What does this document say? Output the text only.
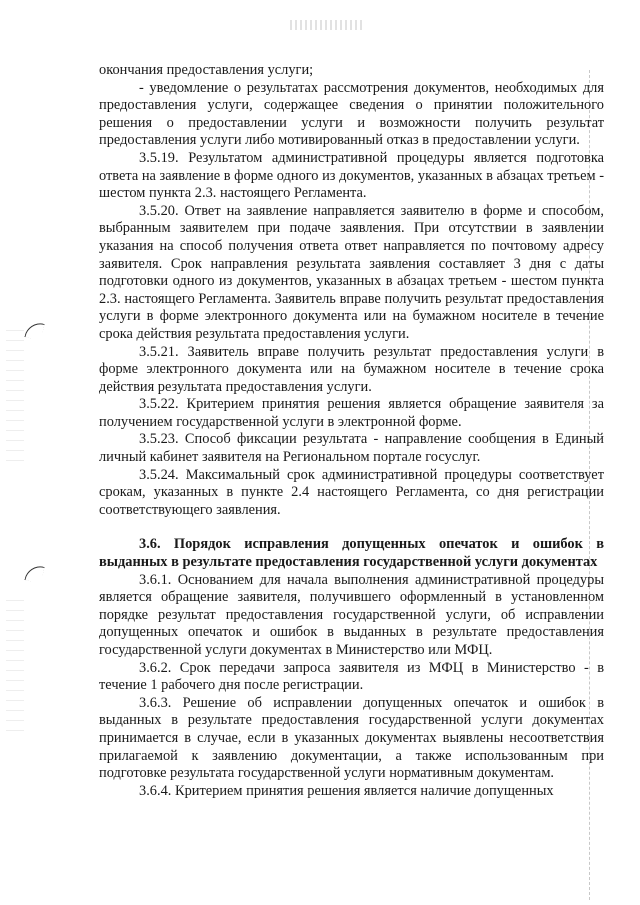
окончания предоставления услуги;

- уведомление о результатах рассмотрения документов, необходимых для предоставления услуги, содержащее сведения о принятии положительного решения о предоставлении услуги и возможности получить результат предоставления услуги либо мотивированный отказ в предоставлении услуги.

3.5.19. Результатом административной процедуры является подготовка ответа на заявление в форме одного из документов, указанных в абзацах третьем - шестом пункта 2.3. настоящего Регламента.

3.5.20. Ответ на заявление направляется заявителю в форме и способом, выбранным заявителем при подаче заявления. При отсутствии в заявлении указания на способ получения ответа ответ направляется по почтовому адресу заявителя. Срок направления результата заявления составляет 3 дня с даты подготовки одного из документов, указанных в абзацах третьем - шестом пункта 2.3. настоящего Регламента. Заявитель вправе получить результат предоставления услуги в форме электронного документа или на бумажном носителе в течение срока действия результата предоставления услуги.

3.5.21. Заявитель вправе получить результат предоставления услуги в форме электронного документа или на бумажном носителе в течение срока действия результата предоставления услуги.

3.5.22. Критерием принятия решения является обращение заявителя за получением государственной услуги в электронной форме.

3.5.23. Способ фиксации результата - направление сообщения в Единый личный кабинет заявителя на Региональном портале госуслуг.

3.5.24. Максимальный срок административной процедуры соответствует срокам, указанных в пункте 2.4 настоящего Регламента, со дня регистрации соответствующего заявления.

3.6. Порядок исправления допущенных опечаток и ошибок в выданных в результате предоставления государственной услуги документах

3.6.1. Основанием для начала выполнения административной процедуры является обращение заявителя, получившего оформленный в установленном порядке результат предоставления государственной услуги, об исправлении допущенных опечаток и ошибок в выданных в результате предоставления государственной услуги документах в Министерство или МФЦ.

3.6.2. Срок передачи запроса заявителя из МФЦ в Министерство - в течение 1 рабочего дня после регистрации.

3.6.3. Решение об исправлении допущенных опечаток и ошибок в выданных в результате предоставления государственной услуги документах принимается в случае, если в указанных документах выявлены несоответствия прилагаемой к заявлению документации, а также использованным при подготовке результата государственной услуги нормативным документам.

3.6.4. Критерием принятия решения является наличие допущенных
